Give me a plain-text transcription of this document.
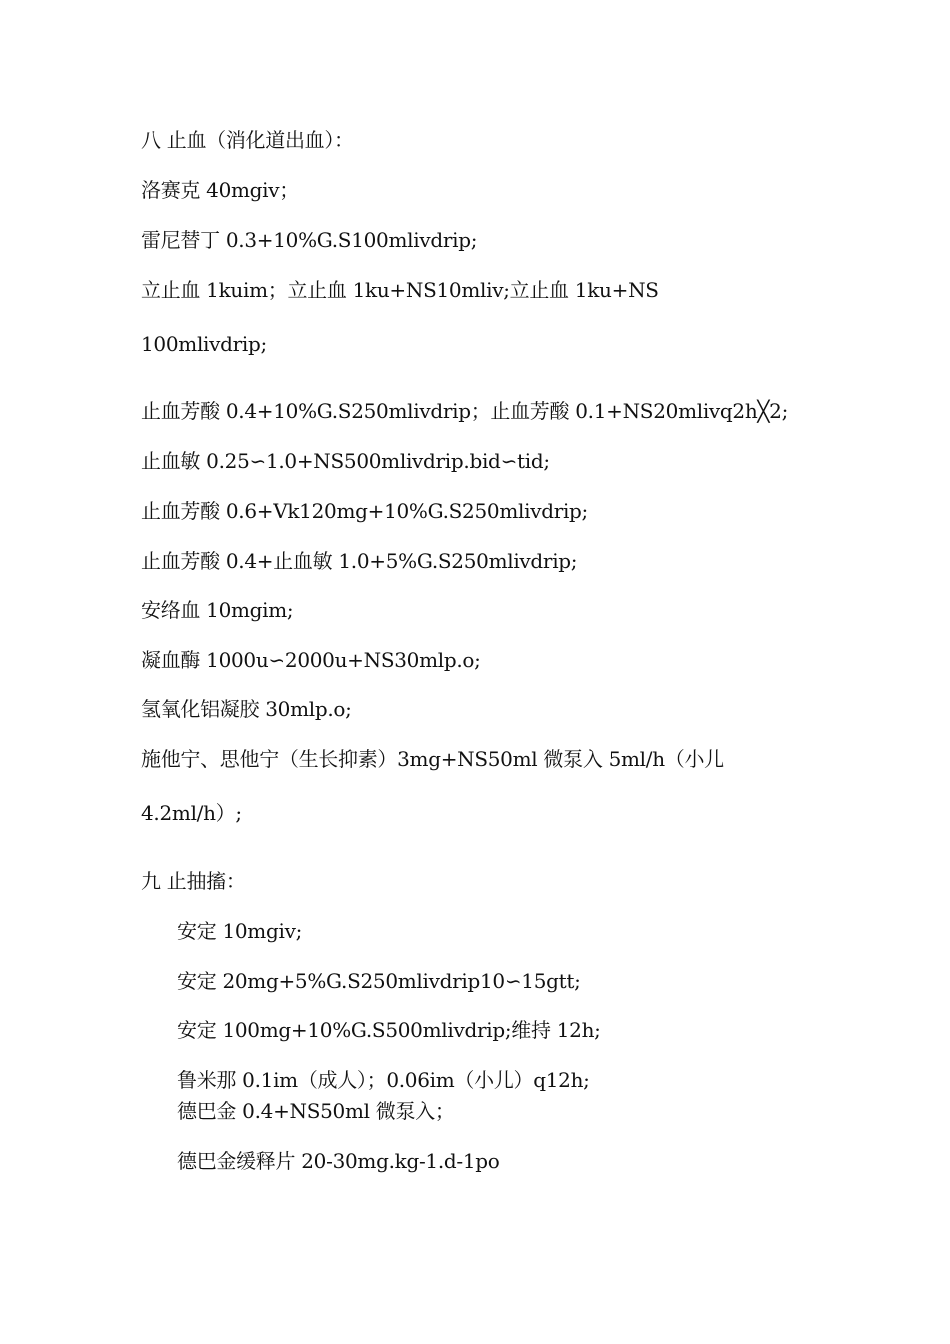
八 止血（消化道出血）：
洛赛克 40mgiv；
雷尼替丁 0.3+10%G.S100mlivdrip;
立止血 1kuim；立止血 1ku+NS10mliv;立止血 1ku+NS
100mlivdrip;
止血芳酸 0.4+10%G.S250mlivdrip；止血芳酸 0.1+NS20mlivq2h╳2;
止血敏 0.25∽1.0+NS500mlivdrip.bid∽tid;
止血芳酸 0.6+Vk120mg+10%G.S250mlivdrip;
止血芳酸 0.4+止血敏 1.0+5%G.S250mlivdrip;
安络血 10mgim;
凝血酶 1000u∽2000u+NS30mlp.o;
氢氧化铝凝胶 30mlp.o;
施他宁、思他宁（生长抑素）3mg+NS50ml 微泵入 5ml/h（小儿
4.2ml/h）;
九 止抽搐：
安定 10mgiv;
安定 20mg+5%G.S250mlivdrip10∽15gtt;
安定 100mg+10%G.S500mlivdrip;维持 12h;
鲁米那 0.1im（成人）；0.06im（小儿）q12h;
德巴金 0.4+NS50ml 微泵入；
德巴金缓释片 20-30mg.kg-1.d-1po
